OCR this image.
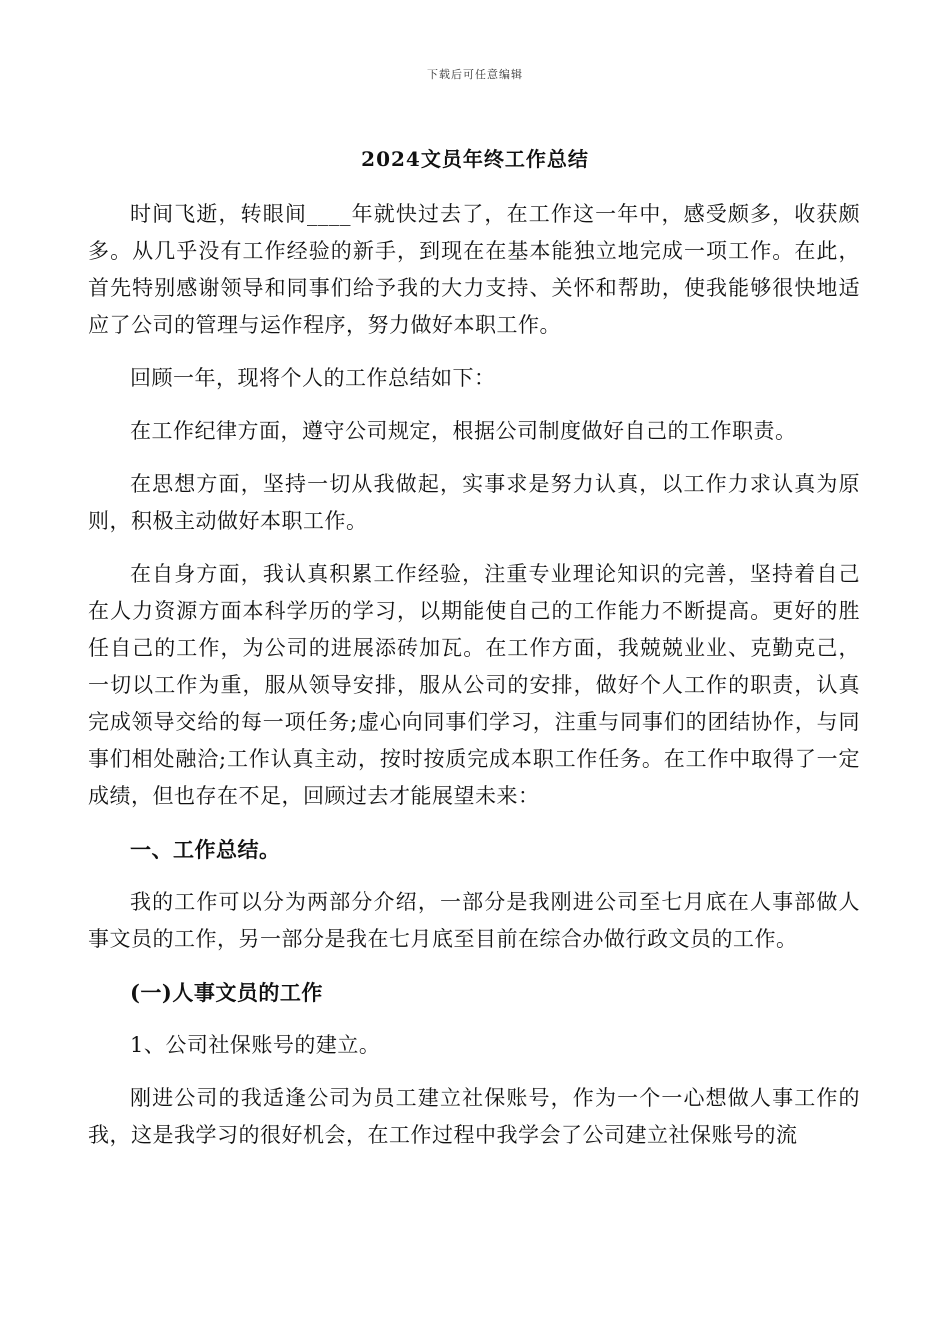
下载后可任意编辑
2024文员年终工作总结

时间飞逝，转眼间____年就快过去了，在工作这一年中，感受颇多，收获颇多。从几乎没有工作经验的新手，到现在在基本能独立地完成一项工作。在此，首先特别感谢领导和同事们给予我的大力支持、关怀和帮助，使我能够很快地适应了公司的管理与运作程序，努力做好本职工作。

回顾一年，现将个人的工作总结如下：

在工作纪律方面，遵守公司规定，根据公司制度做好自己的工作职责。

在思想方面，坚持一切从我做起，实事求是努力认真，以工作力求认真为原则，积极主动做好本职工作。

在自身方面，我认真积累工作经验，注重专业理论知识的完善，坚持着自己在人力资源方面本科学历的学习，以期能使自己的工作能力不断提高。更好的胜任自己的工作，为公司的进展添砖加瓦。在工作方面，我兢兢业业、克勤克己，一切以工作为重，服从领导安排，服从公司的安排，做好个人工作的职责，认真完成领导交给的每一项任务;虚心向同事们学习，注重与同事们的团结协作，与同事们相处融洽;工作认真主动，按时按质完成本职工作任务。在工作中取得了一定成绩，但也存在不足，回顾过去才能展望未来：

一、工作总结。

我的工作可以分为两部分介绍，一部分是我刚进公司至七月底在人事部做人事文员的工作，另一部分是我在七月底至目前在综合办做行政文员的工作。

(一)人事文员的工作

1、公司社保账号的建立。

刚进公司的我适逢公司为员工建立社保账号，作为一个一心想做人事工作的我，这是我学习的很好机会，在工作过程中我学会了公司建立社保账号的流
